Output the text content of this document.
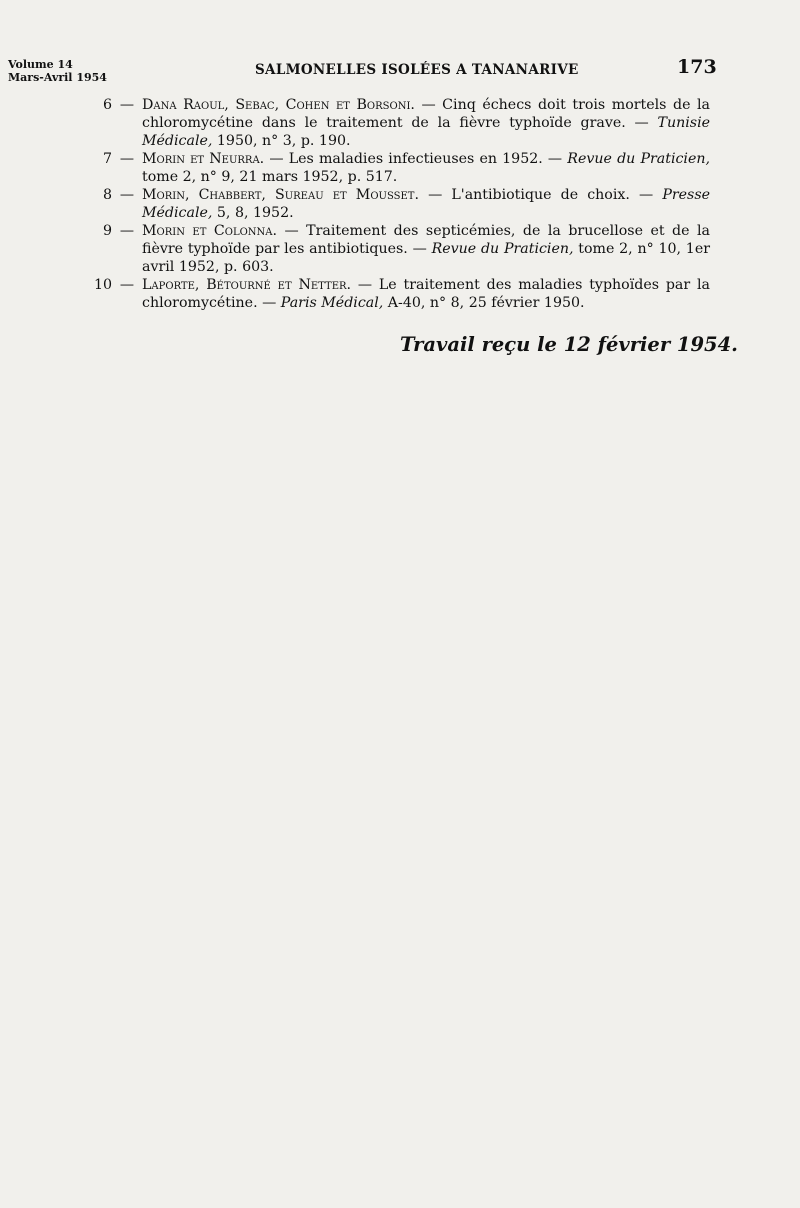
Volume 14
Mars-Avril 1954	SALMONELLES ISOLÉES A TANANARIVE	173
6 — Dana Raoul, Sebac, Cohen et Borsoni. — Cinq échecs doit trois mortels de la chloromycétine dans le traitement de la fièvre typhoïde grave. — Tunisie Médicale, 1950, n° 3, p. 190.
7 — Morin et Neurra. — Les maladies infectieuses en 1952. — Revue du Praticien, tome 2, n° 9, 21 mars 1952, p. 517.
8 — Morin, Chabbert, Sureau et Mousset. — L'antibiotique de choix. — Presse Médicale, 5, 8, 1952.
9 — Morin et Colonna. — Traitement des septicémies, de la brucellose et de la fièvre typhoïde par les antibiotiques. — Revue du Praticien, tome 2, n° 10, 1er avril 1952, p. 603.
10 — Laporte, Bétourné et Netter. — Le traitement des maladies typhoïdes par la chloromycétine. — Paris Médical, A-40, n° 8, 25 février 1950.
Travail reçu le 12 février 1954.
